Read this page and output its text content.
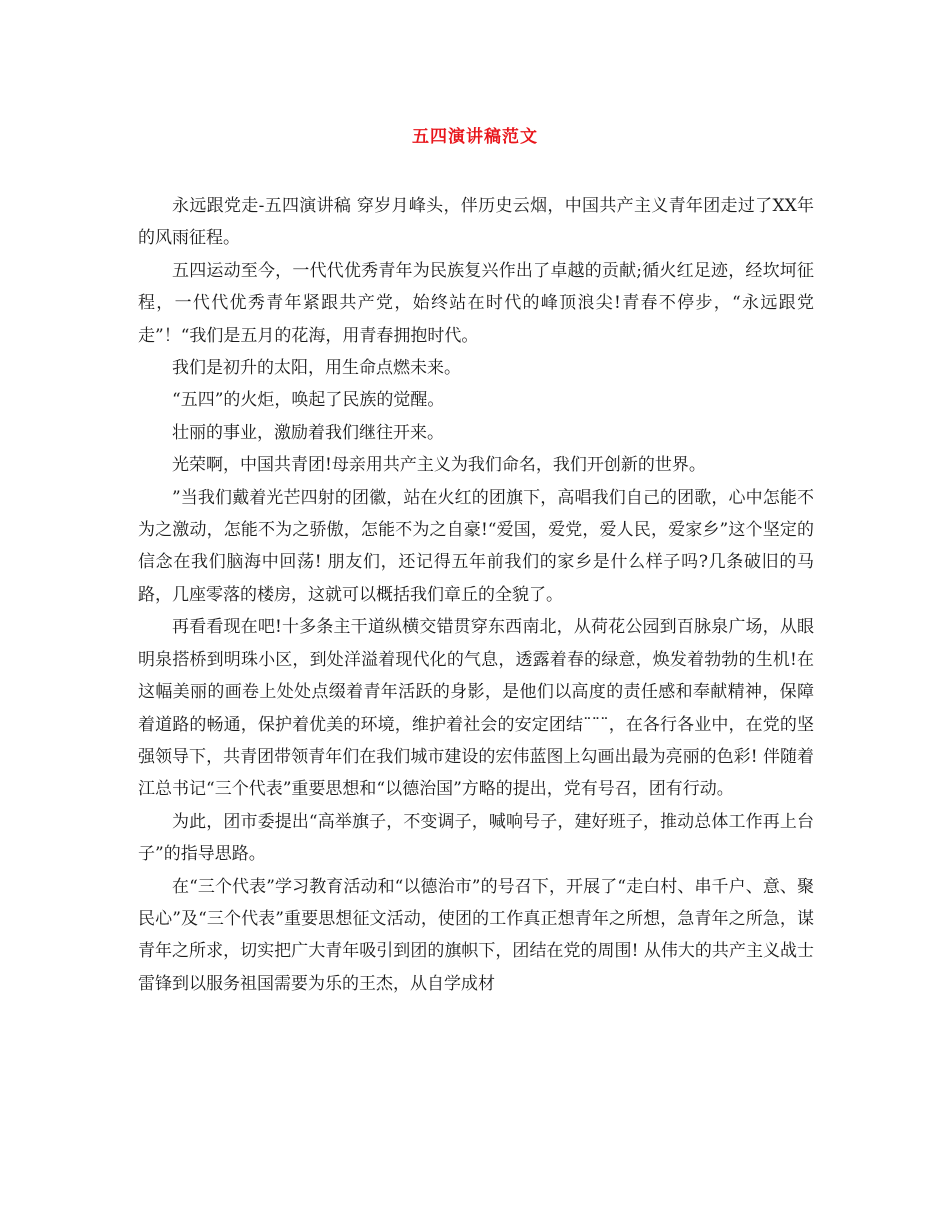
五四演讲稿范文

永远跟党走-五四演讲稿 穿岁月峰头，伴历史云烟，中国共产主义青年团走过了XX年的风雨征程。

五四运动至今，一代代优秀青年为民族复兴作出了卓越的贡献;循火红足迹，经坎坷征程，一代代优秀青年紧跟共产党，始终站在时代的峰顶浪尖!青春不停步，“永远跟党走”！“我们是五月的花海，用青春拥抱时代。

我们是初升的太阳，用生命点燃未来。

“五四”的火炬，唤起了民族的觉醒。

壮丽的事业，激励着我们继往开来。

光荣啊，中国共青团!母亲用共产主义为我们命名，我们开创新的世界。

”当我们戴着光芒四射的团徽，站在火红的团旗下，高唱我们自己的团歌，心中怎能不为之激动，怎能不为之骄傲，怎能不为之自豪!“爱国，爱党，爱人民，爱家乡”这个坚定的信念在我们脑海中回荡! 朋友们，还记得五年前我们的家乡是什么样子吗?几条破旧的马路，几座零落的楼房，这就可以概括我们章丘的全貌了。

再看看现在吧!十多条主干道纵横交错贯穿东西南北，从荷花公园到百脉泉广场，从眼明泉搭桥到明珠小区，到处洋溢着现代化的气息，透露着春的绿意，焕发着勃勃的生机!在这幅美丽的画卷上处处点缀着青年活跃的身影，是他们以高度的责任感和奉献精神，保障着道路的畅通，保护着优美的环境，维护着社会的安定团结¨¨¨，在各行各业中，在党的坚强领导下，共青团带领青年们在我们城市建设的宏伟蓝图上勾画出最为亮丽的色彩! 伴随着江总书记“三个代表”重要思想和“以德治国”方略的提出，党有号召，团有行动。

为此，团市委提出“高举旗子，不变调子，喊响号子，建好班子，推动总体工作再上台子”的指导思路。

在“三个代表”学习教育活动和“以德治市”的号召下，开展了“走白村、串千户、意、聚民心”及“三个代表”重要思想征文活动，使团的工作真正想青年之所想，急青年之所急，谋青年之所求，切实把广大青年吸引到团的旗帜下，团结在党的周围! 从伟大的共产主义战士雷锋到以服务祖国需要为乐的王杰，从自学成材
